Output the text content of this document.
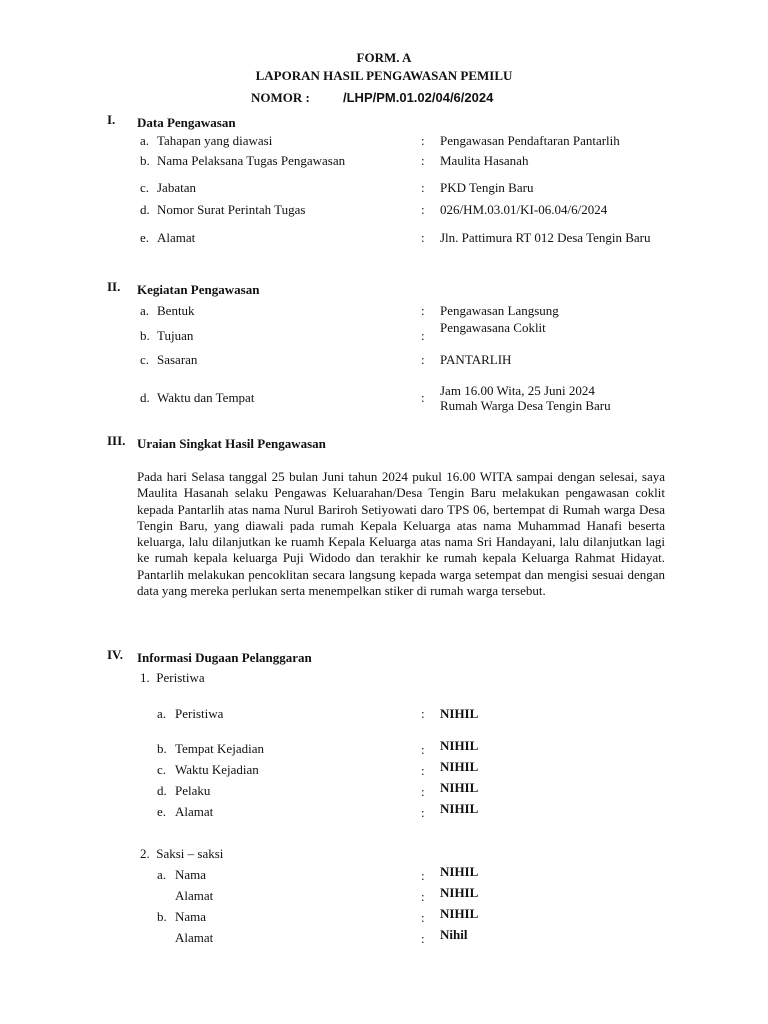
FORM. A
LAPORAN HASIL PENGAWASAN PEMILU
NOMOR :	/LHP/PM.01.02/04/6/2024
I. Data Pengawasan
a. Tahapan yang diawasi	: Pengawasan Pendaftaran Pantarlih
b. Nama Pelaksana Tugas Pengawasan	: Maulita Hasanah
c. Jabatan	: PKD Tengin Baru
d. Nomor Surat Perintah Tugas	: 026/HM.03.01/KI-06.04/6/2024
e. Alamat	: Jln. Pattimura RT 012 Desa Tengin Baru
II. Kegiatan Pengawasan
a. Bentuk	: Pengawasan Langsung
b. Tujuan	:
Pengawasana Coklit
c. Sasaran	: PANTARLIH
d. Waktu dan Tempat	: Jam 16.00 Wita, 25 Juni 2024
Rumah Warga Desa Tengin Baru
III. Uraian Singkat Hasil Pengawasan
Pada hari Selasa tanggal 25 bulan Juni tahun 2024 pukul 16.00 WITA sampai dengan selesai, saya Maulita Hasanah selaku Pengawas Keluarahan/Desa Tengin Baru melakukan pengawasan coklit kepada Pantarlih atas nama Nurul Bariroh Setiyowati daro TPS 06, bertempat di Rumah warga Desa Tengin Baru, yang diawali pada rumah Kepala Keluarga atas nama Muhammad Hanafi beserta keluarga, lalu dilanjutkan ke ruamh Kepala Keluarga atas nama Sri Handayani, lalu dilanjutkan lagi ke rumah kepala keluarga Puji Widodo dan terakhir ke rumah kepala Keluarga Rahmat Hidayat. Pantarlih melakukan pencoklitan secara langsung kepada warga setempat dan mengisi sesuai dengan data yang mereka perlukan serta menempelkan stiker di rumah warga tersebut.
IV. Informasi Dugaan Pelanggaran
1.  Peristiwa
a. Peristiwa	: NIHIL
b. Tempat Kejadian	: NIHIL
c. Waktu Kejadian	: NIHIL
d. Pelaku	: NIHIL
e. Alamat	: NIHIL
2.  Saksi – saksi
a. Nama	: NIHIL
Alamat	: NIHIL
b. Nama	: NIHIL
Alamat	: Nihil
